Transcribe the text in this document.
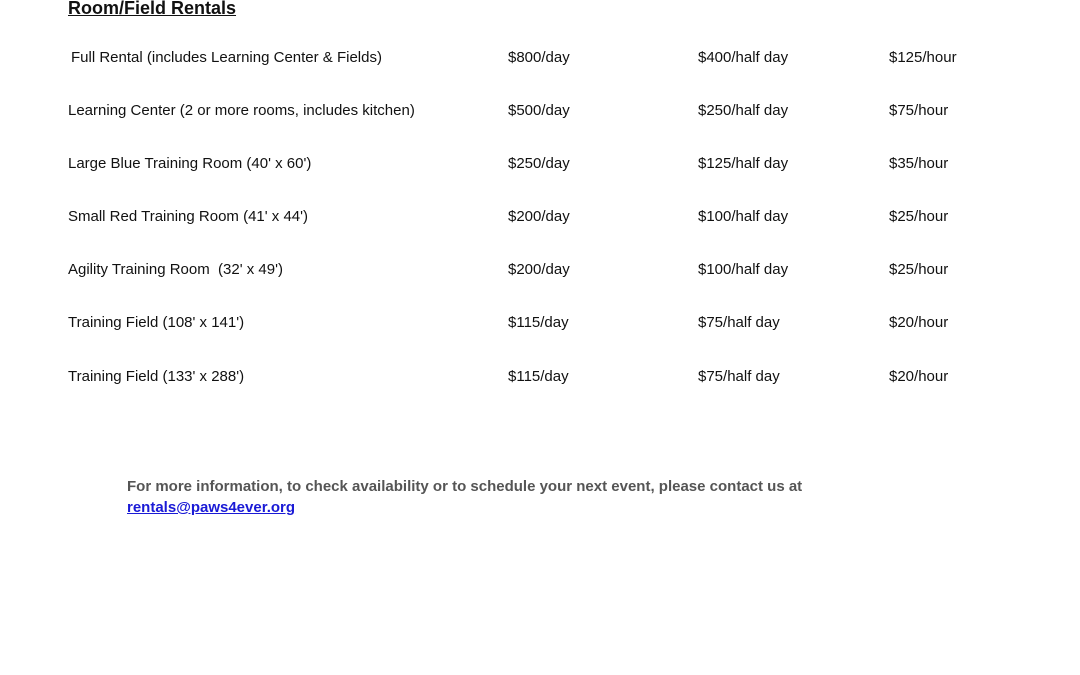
Room/Field Rentals
Full Rental (includes Learning Center & Fields)	$800/day	$400/half day	$125/hour
Learning Center (2 or more rooms, includes kitchen)	$500/day	$250/half day	$75/hour
Large Blue Training Room (40' x 60')	$250/day	$125/half day	$35/hour
Small Red Training Room (41' x 44')	$200/day	$100/half day	$25/hour
Agility Training Room  (32' x 49')	$200/day	$100/half day	$25/hour
Training Field (108' x 141')	$115/day	$75/half day	$20/hour
Training Field (133' x 288')	$115/day	$75/half day	$20/hour
For more information, to check availability or to schedule your next event, please contact us at
rentals@paws4ever.org
